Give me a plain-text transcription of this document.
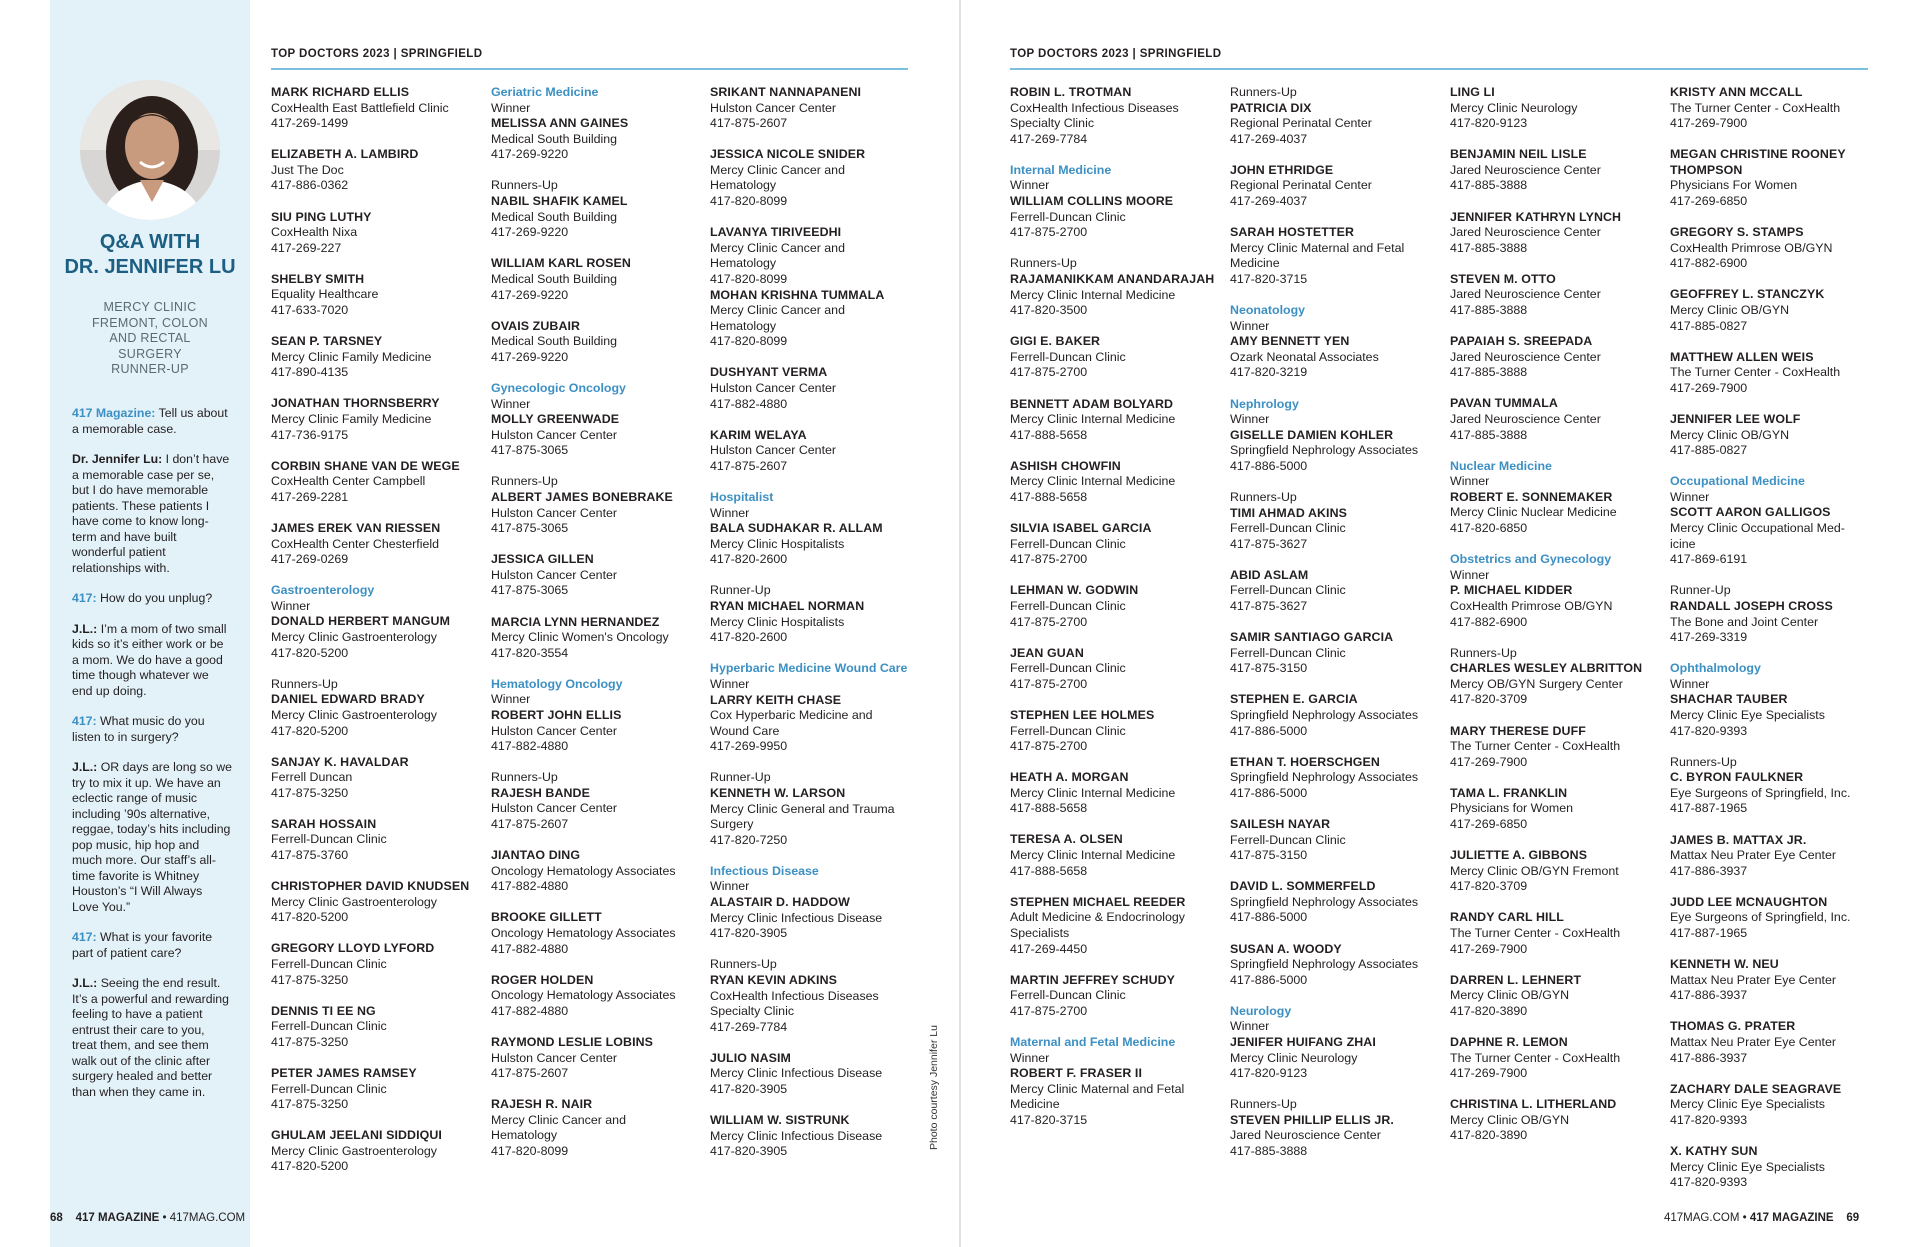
Q&A WITH
DR. JENNIFER LU
MERCY CLINIC
FREMONT, COLON
AND RECTAL
SURGERY
RUNNER-UP

417 Magazine: Tell us about a memorable case.

Dr. Jennifer Lu: I don’t have a memorable case per se, but I do have memorable patients. These patients I have come to know long-term and have built wonderful patient relationships with.

417: How do you unplug?

J.L.: I’m a mom of two small kids so it’s either work or be a mom. We do have a good time though whatever we end up doing.

417: What music do you listen to in surgery?

J.L.: OR days are long so we try to mix it up. We have an eclectic range of music including ’90s alternative, reggae, today’s hits including pop music, hip hop and much more. Our staff’s all-time favorite is Whitney Houston’s “I Will Always Love You.”

417: What is your favorite part of patient care?

J.L.: Seeing the end result. It’s a powerful and rewarding feeling to have a patient entrust their care to you, treat them, and see them walk out of the clinic after surgery healed and better than when they came in.

TOP DOCTORS 2023 | SPRINGFIELD
MARK RICHARD ELLIS
CoxHealth East Battlefield Clinic
417-269-1499
ELIZABETH A. LAMBIRD
Just The Doc
417-886-0362
SIU PING LUTHY
CoxHealth Nixa
417-269-227
SHELBY SMITH
Equality Healthcare
417-633-7020
SEAN P. TARSNEY
Mercy Clinic Family Medicine
417-890-4135
JONATHAN THORNSBERRY
Mercy Clinic Family Medicine
417-736-9175
CORBIN SHANE VAN DE WEGE
CoxHealth Center Campbell
417-269-2281
JAMES EREK VAN RIESSEN
CoxHealth Center Chesterfield
417-269-0269
Gastroenterology
Winner
DONALD HERBERT MANGUM
Mercy Clinic Gastroenterology
417-820-5200
Runners-Up
DANIEL EDWARD BRADY
Mercy Clinic Gastroenterology
417-820-5200
SANJAY K. HAVALDAR
Ferrell Duncan
417-875-3250
SARAH HOSSAIN
Ferrell-Duncan Clinic
417-875-3760
CHRISTOPHER DAVID KNUDSEN
Mercy Clinic Gastroenterology
417-820-5200
GREGORY LLOYD LYFORD
Ferrell-Duncan Clinic
417-875-3250
DENNIS TI EE NG
Ferrell-Duncan Clinic
417-875-3250
PETER JAMES RAMSEY
Ferrell-Duncan Clinic
417-875-3250
GHULAM JEELANI SIDDIQUI
Mercy Clinic Gastroenterology
417-820-5200
Geriatric Medicine
Winner
MELISSA ANN GAINES
Medical South Building
417-269-9220
Runners-Up
NABIL SHAFIK KAMEL
Medical South Building
417-269-9220
WILLIAM KARL ROSEN
Medical South Building
417-269-9220
OVAIS ZUBAIR
Medical South Building
417-269-9220
Gynecologic Oncology
Winner
MOLLY GREENWADE
Hulston Cancer Center
417-875-3065
Runners-Up
ALBERT JAMES BONEBRAKE
Hulston Cancer Center
417-875-3065
JESSICA GILLEN
Hulston Cancer Center
417-875-3065
MARCIA LYNN HERNANDEZ
Mercy Clinic Women's Oncology
417-820-3554
Hematology Oncology
Winner
ROBERT JOHN ELLIS
Hulston Cancer Center
417-882-4880
Runners-Up
RAJESH BANDE
Hulston Cancer Center
417-875-2607
JIANTAO DING
Oncology Hematology Associates
417-882-4880
BROOKE GILLETT
Oncology Hematology Associates
417-882-4880
ROGER HOLDEN
Oncology Hematology Associates
417-882-4880
RAYMOND LESLIE LOBINS
Hulston Cancer Center
417-875-2607
RAJESH R. NAIR
Mercy Clinic Cancer and
Hematology
417-820-8099
SRIKANT NANNAPANENI
Hulston Cancer Center
417-875-2607
JESSICA NICOLE SNIDER
Mercy Clinic Cancer and
Hematology
417-820-8099
LAVANYA TIRIVEEDHI
Mercy Clinic Cancer and
Hematology
417-820-8099
MOHAN KRISHNA TUMMALA
Mercy Clinic Cancer and
Hematology
417-820-8099
DUSHYANT VERMA
Hulston Cancer Center
417-882-4880
KARIM WELAYA
Hulston Cancer Center
417-875-2607
Hospitalist
Winner
BALA SUDHAKAR R. ALLAM
Mercy Clinic Hospitalists
417-820-2600
Runner-Up
RYAN MICHAEL NORMAN
Mercy Clinic Hospitalists
417-820-2600
Hyperbaric Medicine Wound Care
Winner
LARRY KEITH CHASE
Cox Hyperbaric Medicine and
Wound Care
417-269-9950
Runner-Up
KENNETH W. LARSON
Mercy Clinic General and Trauma
Surgery
417-820-7250
Infectious Disease
Winner
ALASTAIR D. HADDOW
Mercy Clinic Infectious Disease
417-820-3905
Runners-Up
RYAN KEVIN ADKINS
CoxHealth Infectious Diseases
Specialty Clinic
417-269-7784
JULIO NASIM
Mercy Clinic Infectious Disease
417-820-3905
WILLIAM W. SISTRUNK
Mercy Clinic Infectious Disease
417-820-3905
Photo courtesy Jennifer Lu
68 417 MAGAZINE • 417MAG.COM
TOP DOCTORS 2023 | SPRINGFIELD
ROBIN L. TROTMAN
CoxHealth Infectious Diseases
Specialty Clinic
417-269-7784
Internal Medicine
Winner
WILLIAM COLLINS MOORE
Ferrell-Duncan Clinic
417-875-2700
Runners-Up
RAJAMANIKKAM ANANDARAJAH
Mercy Clinic Internal Medicine
417-820-3500
GIGI E. BAKER
Ferrell-Duncan Clinic
417-875-2700
BENNETT ADAM BOLYARD
Mercy Clinic Internal Medicine
417-888-5658
ASHISH CHOWFIN
Mercy Clinic Internal Medicine
417-888-5658
SILVIA ISABEL GARCIA
Ferrell-Duncan Clinic
417-875-2700
LEHMAN W. GODWIN
Ferrell-Duncan Clinic
417-875-2700
JEAN GUAN
Ferrell-Duncan Clinic
417-875-2700
STEPHEN LEE HOLMES
Ferrell-Duncan Clinic
417-875-2700
HEATH A. MORGAN
Mercy Clinic Internal Medicine
417-888-5658
TERESA A. OLSEN
Mercy Clinic Internal Medicine
417-888-5658
STEPHEN MICHAEL REEDER
Adult Medicine & Endocrinology
Specialists
417-269-4450
MARTIN JEFFREY SCHUDY
Ferrell-Duncan Clinic
417-875-2700
Maternal and Fetal Medicine
Winner
ROBERT F. FRASER II
Mercy Clinic Maternal and Fetal
Medicine
417-820-3715
Runners-Up
PATRICIA DIX
Regional Perinatal Center
417-269-4037
JOHN ETHRIDGE
Regional Perinatal Center
417-269-4037
SARAH HOSTETTER
Mercy Clinic Maternal and Fetal
Medicine
417-820-3715
Neonatology
Winner
AMY BENNETT YEN
Ozark Neonatal Associates
417-820-3219
Nephrology
Winner
GISELLE DAMIEN KOHLER
Springfield Nephrology Associates
417-886-5000
Runners-Up
TIMI AHMAD AKINS
Ferrell-Duncan Clinic
417-875-3627
ABID ASLAM
Ferrell-Duncan Clinic
417-875-3627
SAMIR SANTIAGO GARCIA
Ferrell-Duncan Clinic
417-875-3150
STEPHEN E. GARCIA
Springfield Nephrology Associates
417-886-5000
ETHAN T. HOERSCHGEN
Springfield Nephrology Associates
417-886-5000
SAILESH NAYAR
Ferrell-Duncan Clinic
417-875-3150
DAVID L. SOMMERFELD
Springfield Nephrology Associates
417-886-5000
SUSAN A. WOODY
Springfield Nephrology Associates
417-886-5000
Neurology
Winner
JENIFER HUIFANG ZHAI
Mercy Clinic Neurology
417-820-9123
Runners-Up
STEVEN PHILLIP ELLIS JR.
Jared Neuroscience Center
417-885-3888
LING LI
Mercy Clinic Neurology
417-820-9123
BENJAMIN NEIL LISLE
Jared Neuroscience Center
417-885-3888
JENNIFER KATHRYN LYNCH
Jared Neuroscience Center
417-885-3888
STEVEN M. OTTO
Jared Neuroscience Center
417-885-3888
PAPAIAH S. SREEPADA
Jared Neuroscience Center
417-885-3888
PAVAN TUMMALA
Jared Neuroscience Center
417-885-3888
Nuclear Medicine
Winner
ROBERT E. SONNEMAKER
Mercy Clinic Nuclear Medicine
417-820-6850
Obstetrics and Gynecology
Winner
P. MICHAEL KIDDER
CoxHealth Primrose OB/GYN
417-882-6900
Runners-Up
CHARLES WESLEY ALBRITTON
Mercy OB/GYN Surgery Center
417-820-3709
MARY THERESE DUFF
The Turner Center - CoxHealth
417-269-7900
TAMA L. FRANKLIN
Physicians for Women
417-269-6850
JULIETTE A. GIBBONS
Mercy Clinic OB/GYN Fremont
417-820-3709
RANDY CARL HILL
The Turner Center - CoxHealth
417-269-7900
DARREN L. LEHNERT
Mercy Clinic OB/GYN
417-820-3890
DAPHNE R. LEMON
The Turner Center - CoxHealth
417-269-7900
CHRISTINA L. LITHERLAND
Mercy Clinic OB/GYN
417-820-3890
KRISTY ANN MCCALL
The Turner Center - CoxHealth
417-269-7900
MEGAN CHRISTINE ROONEY
THOMPSON
Physicians For Women
417-269-6850
GREGORY S. STAMPS
CoxHealth Primrose OB/GYN
417-882-6900
GEOFFREY L. STANCZYK
Mercy Clinic OB/GYN
417-885-0827
MATTHEW ALLEN WEIS
The Turner Center - CoxHealth
417-269-7900
JENNIFER LEE WOLF
Mercy Clinic OB/GYN
417-885-0827
Occupational Medicine
Winner
SCOTT AARON GALLIGOS
Mercy Clinic Occupational Med-
icine
417-869-6191
Runner-Up
RANDALL JOSEPH CROSS
The Bone and Joint Center
417-269-3319
Ophthalmology
Winner
SHACHAR TAUBER
Mercy Clinic Eye Specialists
417-820-9393
Runners-Up
C. BYRON FAULKNER
Eye Surgeons of Springfield, Inc.
417-887-1965
JAMES B. MATTAX JR.
Mattax Neu Prater Eye Center
417-886-3937
JUDD LEE MCNAUGHTON
Eye Surgeons of Springfield, Inc.
417-887-1965
KENNETH W. NEU
Mattax Neu Prater Eye Center
417-886-3937
THOMAS G. PRATER
Mattax Neu Prater Eye Center
417-886-3937
ZACHARY DALE SEAGRAVE
Mercy Clinic Eye Specialists
417-820-9393
X. KATHY SUN
Mercy Clinic Eye Specialists
417-820-9393
417MAG.COM • 417 MAGAZINE 69
